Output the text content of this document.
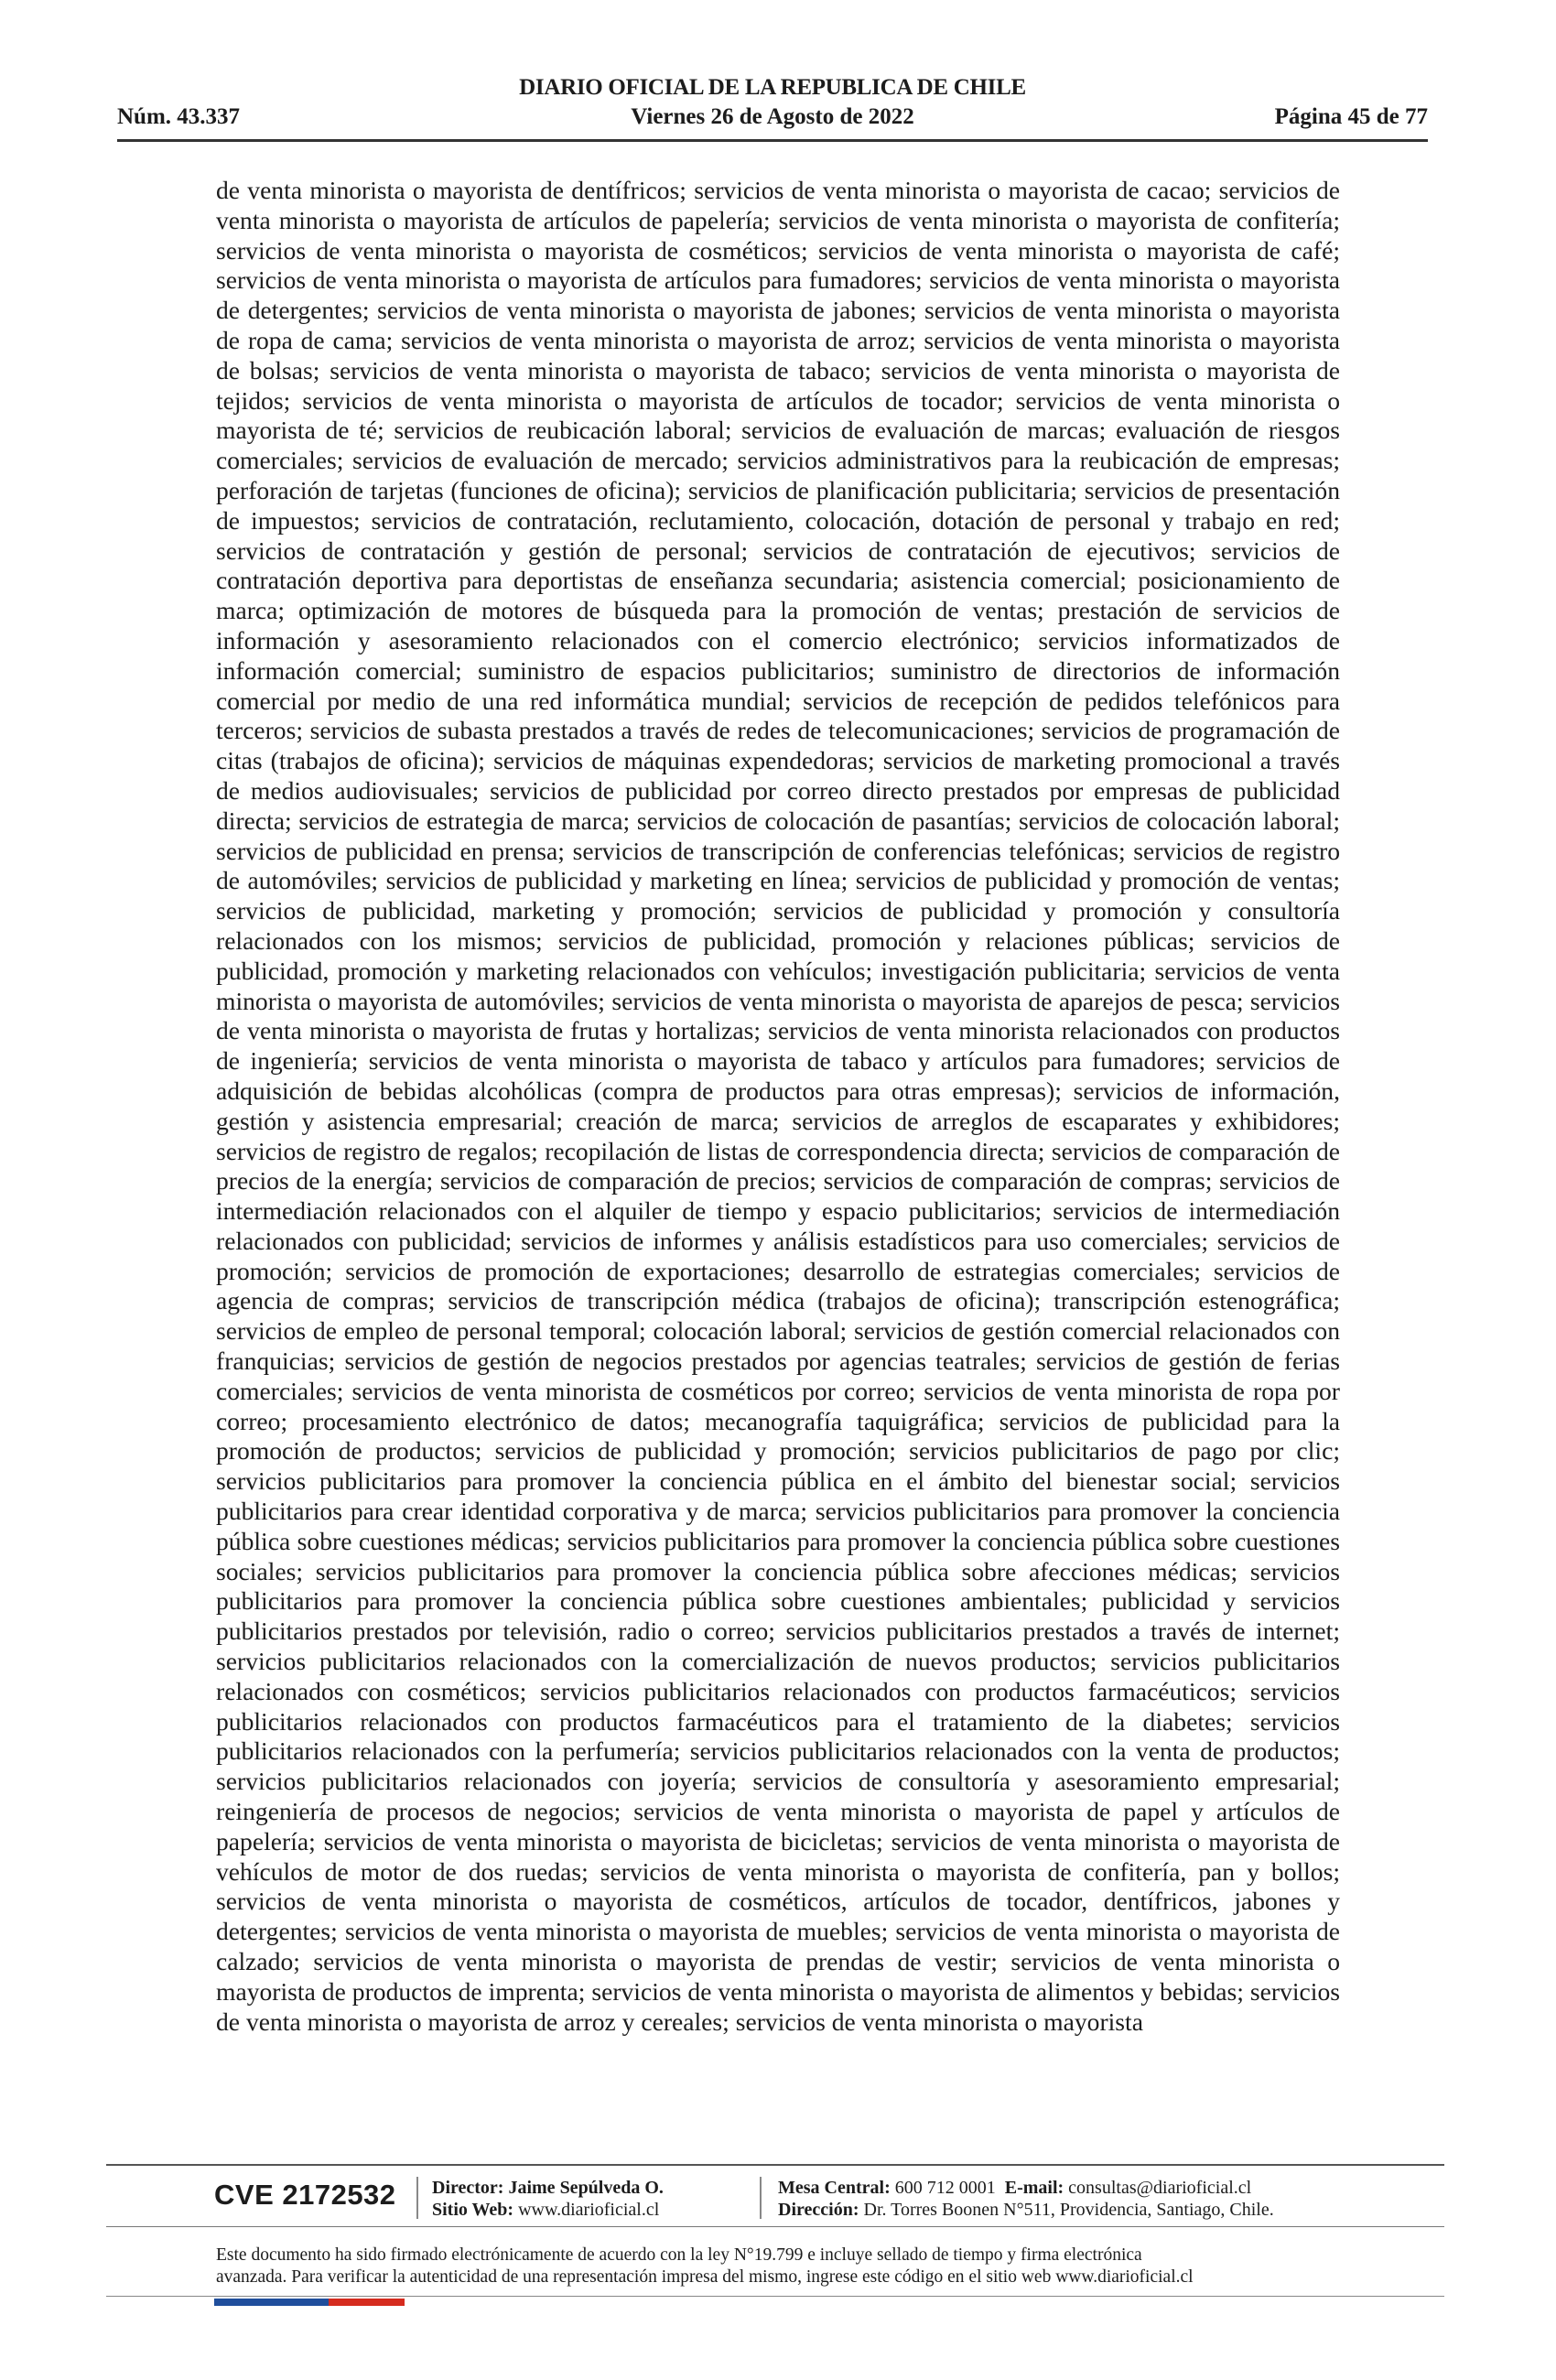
DIARIO OFICIAL DE LA REPUBLICA DE CHILE
Núm. 43.337	Viernes 26 de Agosto de 2022	Página 45 de 77

de venta minorista o mayorista de dentífricos; servicios de venta minorista o mayorista de cacao; servicios de venta minorista o mayorista de artículos de papelería; servicios de venta minorista o mayorista de confitería; servicios de venta minorista o mayorista de cosméticos; servicios de venta minorista o mayorista de café; servicios de venta minorista o mayorista de artículos para fumadores; servicios de venta minorista o mayorista de detergentes; servicios de venta minorista o mayorista de jabones; servicios de venta minorista o mayorista de ropa de cama; servicios de venta minorista o mayorista de arroz; servicios de venta minorista o mayorista de bolsas; servicios de venta minorista o mayorista de tabaco; servicios de venta minorista o mayorista de tejidos; servicios de venta minorista o mayorista de artículos de tocador; servicios de venta minorista o mayorista de té; servicios de reubicación laboral; servicios de evaluación de marcas; evaluación de riesgos comerciales; servicios de evaluación de mercado; servicios administrativos para la reubicación de empresas; perforación de tarjetas (funciones de oficina); servicios de planificación publicitaria; servicios de presentación de impuestos; servicios de contratación, reclutamiento, colocación, dotación de personal y trabajo en red; servicios de contratación y gestión de personal; servicios de contratación de ejecutivos; servicios de contratación deportiva para deportistas de enseñanza secundaria; asistencia comercial; posicionamiento de marca; optimización de motores de búsqueda para la promoción de ventas; prestación de servicios de información y asesoramiento relacionados con el comercio electrónico; servicios informatizados de información comercial; suministro de espacios publicitarios; suministro de directorios de información comercial por medio de una red informática mundial; servicios de recepción de pedidos telefónicos para terceros; servicios de subasta prestados a través de redes de telecomunicaciones; servicios de programación de citas (trabajos de oficina); servicios de máquinas expendedoras; servicios de marketing promocional a través de medios audiovisuales; servicios de publicidad por correo directo prestados por empresas de publicidad directa; servicios de estrategia de marca; servicios de colocación de pasantías; servicios de colocación laboral; servicios de publicidad en prensa; servicios de transcripción de conferencias telefónicas; servicios de registro de automóviles; servicios de publicidad y marketing en línea; servicios de publicidad y promoción de ventas; servicios de publicidad, marketing y promoción; servicios de publicidad y promoción y consultoría relacionados con los mismos; servicios de publicidad, promoción y relaciones públicas; servicios de publicidad, promoción y marketing relacionados con vehículos; investigación publicitaria; servicios de venta minorista o mayorista de automóviles; servicios de venta minorista o mayorista de aparejos de pesca; servicios de venta minorista o mayorista de frutas y hortalizas; servicios de venta minorista relacionados con productos de ingeniería; servicios de venta minorista o mayorista de tabaco y artículos para fumadores; servicios de adquisición de bebidas alcohólicas (compra de productos para otras empresas); servicios de información, gestión y asistencia empresarial; creación de marca; servicios de arreglos de escaparates y exhibidores; servicios de registro de regalos; recopilación de listas de correspondencia directa; servicios de comparación de precios de la energía; servicios de comparación de precios; servicios de comparación de compras; servicios de intermediación relacionados con el alquiler de tiempo y espacio publicitarios; servicios de intermediación relacionados con publicidad; servicios de informes y análisis estadísticos para uso comerciales; servicios de promoción; servicios de promoción de exportaciones; desarrollo de estrategias comerciales; servicios de agencia de compras; servicios de transcripción médica (trabajos de oficina); transcripción estenográfica; servicios de empleo de personal temporal; colocación laboral; servicios de gestión comercial relacionados con franquicias; servicios de gestión de negocios prestados por agencias teatrales; servicios de gestión de ferias comerciales; servicios de venta minorista de cosméticos por correo; servicios de venta minorista de ropa por correo; procesamiento electrónico de datos; mecanografía taquigráfica; servicios de publicidad para la promoción de productos; servicios de publicidad y promoción; servicios publicitarios de pago por clic; servicios publicitarios para promover la conciencia pública en el ámbito del bienestar social; servicios publicitarios para crear identidad corporativa y de marca; servicios publicitarios para promover la conciencia pública sobre cuestiones médicas; servicios publicitarios para promover la conciencia pública sobre cuestiones sociales; servicios publicitarios para promover la conciencia pública sobre afecciones médicas; servicios publicitarios para promover la conciencia pública sobre cuestiones ambientales; publicidad y servicios publicitarios prestados por televisión, radio o correo; servicios publicitarios prestados a través de internet; servicios publicitarios relacionados con la comercialización de nuevos productos; servicios publicitarios relacionados con cosméticos; servicios publicitarios relacionados con productos farmacéuticos; servicios publicitarios relacionados con productos farmacéuticos para el tratamiento de la diabetes; servicios publicitarios relacionados con la perfumería; servicios publicitarios relacionados con la venta de productos; servicios publicitarios relacionados con joyería; servicios de consultoría y asesoramiento empresarial; reingeniería de procesos de negocios; servicios de venta minorista o mayorista de papel y artículos de papelería; servicios de venta minorista o mayorista de bicicletas; servicios de venta minorista o mayorista de vehículos de motor de dos ruedas; servicios de venta minorista o mayorista de confitería, pan y bollos; servicios de venta minorista o mayorista de cosméticos, artículos de tocador, dentífricos, jabones y detergentes; servicios de venta minorista o mayorista de muebles; servicios de venta minorista o mayorista de calzado; servicios de venta minorista o mayorista de prendas de vestir; servicios de venta minorista o mayorista de productos de imprenta; servicios de venta minorista o mayorista de alimentos y bebidas; servicios de venta minorista o mayorista de arroz y cereales; servicios de venta minorista o mayorista

CVE 2172532 Director: Jaime Sepúlveda O.
Sitio Web: www.diarioficial.cl
Mesa Central: 600 712 0001 E-mail: consultas@diarioficial.cl
Dirección: Dr. Torres Boonen N°511, Providencia, Santiago, Chile.
Este documento ha sido firmado electrónicamente de acuerdo con la ley N°19.799 e incluye sellado de tiempo y firma electrónica
avanzada. Para verificar la autenticidad de una representación impresa del mismo, ingrese este código en el sitio web www.diarioficial.cl
